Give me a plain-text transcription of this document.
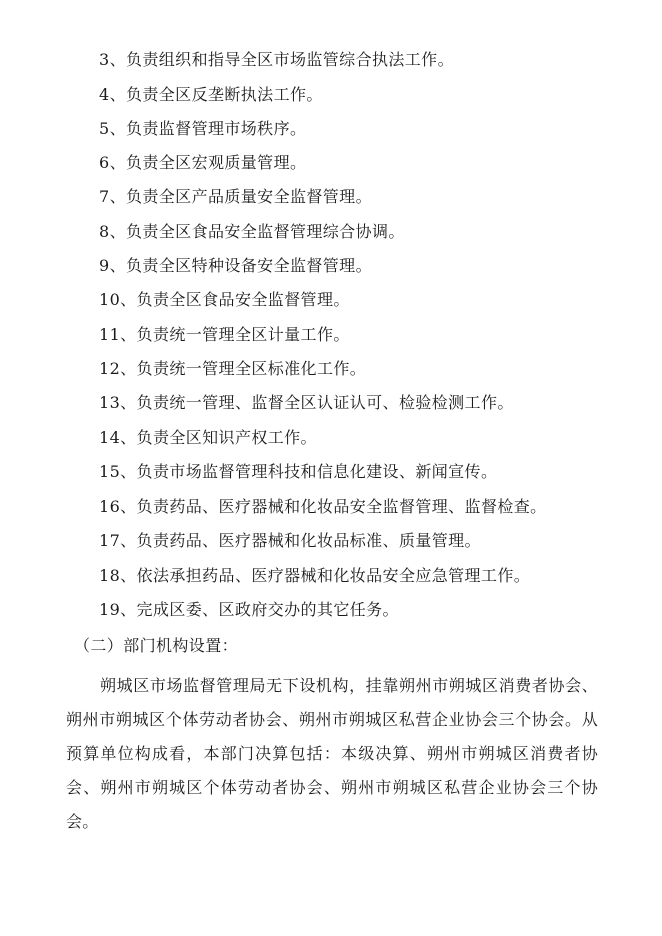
3、负责组织和指导全区市场监管综合执法工作。
4、负责全区反垄断执法工作。
5、负责监督管理市场秩序。
6、负责全区宏观质量管理。
7、负责全区产品质量安全监督管理。
8、负责全区食品安全监督管理综合协调。
9、负责全区特种设备安全监督管理。
10、负责全区食品安全监督管理。
11、负责统一管理全区计量工作。
12、负责统一管理全区标准化工作。
13、负责统一管理、监督全区认证认可、检验检测工作。
14、负责全区知识产权工作。
15、负责市场监督管理科技和信息化建设、新闻宣传。
16、负责药品、医疗器械和化妆品安全监督管理、监督检查。
17、负责药品、医疗器械和化妆品标准、质量管理。
18、依法承担药品、医疗器械和化妆品安全应急管理工作。
19、完成区委、区政府交办的其它任务。
（二）部门机构设置：
朔城区市场监督管理局无下设机构，挂靠朔州市朔城区消费者协会、朔州市朔城区个体劳动者协会、朔州市朔城区私营企业协会三个协会。从预算单位构成看，本部门决算包括：本级决算、朔州市朔城区消费者协会、朔州市朔城区个体劳动者协会、朔州市朔城区私营企业协会三个协会。
